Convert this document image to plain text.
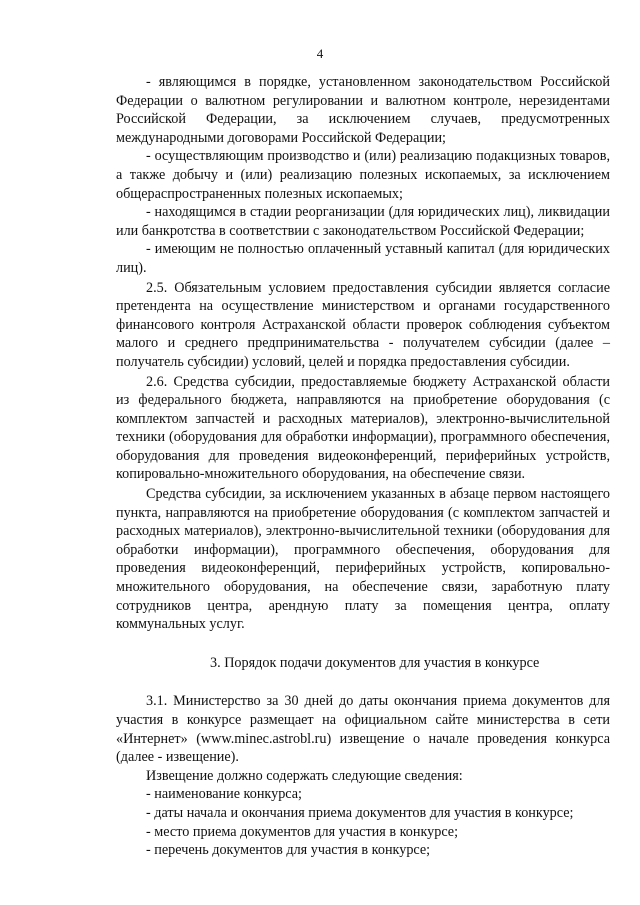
4

- являющимся в порядке, установленном законодательством Российской Федерации о валютном регулировании и валютном контроле, нерезидентами Российской Федерации, за исключением случаев, предусмотренных международными договорами Российской Федерации;

- осуществляющим производство и (или) реализацию подакцизных товаров, а также добычу и (или) реализацию полезных ископаемых, за исключением общераспространенных полезных ископаемых;

- находящимся в стадии реорганизации (для юридических лиц), ликвидации или банкротства в соответствии с законодательством Российской Федерации;

- имеющим не полностью оплаченный уставный капитал (для юридических лиц).

2.5. Обязательным условием предоставления субсидии является согласие претендента на осуществление министерством и органами государственного финансового контроля Астраханской области проверок соблюдения субъектом малого и среднего предпринимательства - получателем субсидии (далее – получатель субсидии) условий, целей и порядка предоставления субсидии.

2.6. Средства субсидии, предоставляемые бюджету Астраханской области из федерального бюджета, направляются на приобретение оборудования (с комплектом запчастей и расходных материалов), электронно-вычислительной техники (оборудования для обработки информации), программного обеспечения, оборудования для проведения видеоконференций, периферийных устройств, копировально-множительного оборудования, на обеспечение связи.

Средства субсидии, за исключением указанных в абзаце первом настоящего пункта, направляются на приобретение оборудования (с комплектом запчастей и расходных материалов), электронно-вычислительной техники (оборудования для обработки информации), программного обеспечения, оборудования для проведения видеоконференций, периферийных устройств, копировально-множительного оборудования, на обеспечение связи, заработную плату сотрудников центра, арендную плату за помещения центра, оплату коммунальных услуг.

3. Порядок подачи документов для участия в конкурсе

3.1. Министерство за 30 дней до даты окончания приема документов для участия в конкурсе размещает на официальном сайте министерства в сети «Интернет» (www.minec.astrobl.ru) извещение о начале проведения конкурса (далее - извещение).

Извещение должно содержать следующие сведения:

- наименование конкурса;

- даты начала и окончания приема документов для участия в конкурсе;

- место приема документов для участия в конкурсе;

- перечень документов для участия в конкурсе;
